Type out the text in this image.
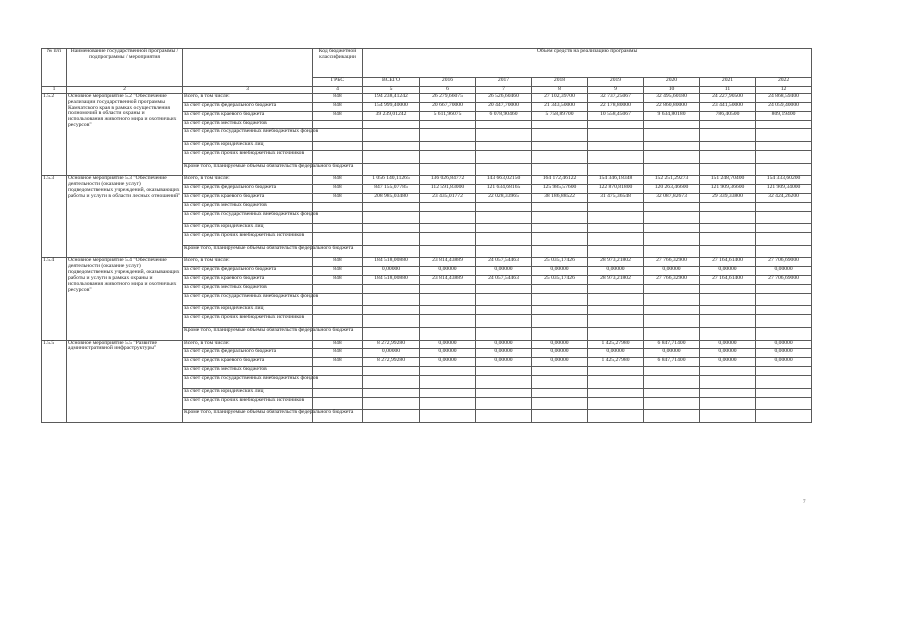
№ п/п	Наименование государственной программы / подпрограммы / мероприятия		Код бюджетной классификации	Объем средств на реализацию программы							
			ГРБС	ВСЕГО	2016	2017	2018	2019	2020	2021	2022
1	2	3	4	5	6	7	8	9	10	11	12
1.5.2	Основное мероприятие 5.2 "Обеспечение реализации государственной программы Камчатского края в рамках осуществления полномочий в области охраны и использования животного мира и охотничьих ресурсов"	Всего, в том числе:	848	194 238,41242	26 279,66075	26 526,60460	27 102,39700	32 737,25067	32 495,60180	24 227,90500	24 868,59400
		за счет средств федерального бюджета	848	154 999,40000	20 667,70000	20 447,70000	21 343,50000	22 178,80000	22 860,80000	23 441,50000	24 059,40000
		за счет средств краевого бюджета	848	39 239,01242	5 611,96075	6 078,90460	5 758,89700	10 558,45067	9 634,80180	786,40500	809,19400
		за счет средств местных бюджетов									
		за счет средств государственных внебюджетных фондов									
		за счет средств юридических лиц									
		за счет средств прочих внебюджетных источников									
		Кроме того, планируемые объемы обязательств федерального бюджета									
1.5.3	Основное мероприятие 5.3 "Обеспечение деятельности (оказание услуг) подведомственных учреждений, оказывающих работы и услуги в области лесных отношений"	Всего, в том числе:	848	1 056 140,11265	136 026,84772	143 663,02150	164 172,46122	154 346,18348	152 251,29273	151 248,70400	154 333,60200
		за счет средств федерального бюджета	848	847 155,07785	112 591,83000	121 634,68165	125 985,57600	122 870,81800	120 263,46600	121 909,36600	121 909,34000
		за счет средств краевого бюджета	848	208 985,03480	23 435,01772	22 028,33965	38 186,88522	31 475,36548	32 087,82673	29 339,33800	32 424,26200
		за счет средств местных бюджетов									
		за счет средств государственных внебюджетных фондов									
		за счет средств юридических лиц									
		за счет средств прочих внебюджетных источников									
		Кроме того, планируемые объемы обязательств федерального бюджета									
1.5.4	Основное мероприятие 5.4 "Обеспечение деятельности (оказание услуг) подведомственных учреждений, оказывающих работы и услуги в рамках охраны и использования животного мира и охотничьих ресурсов"	Всего, в том числе:	848	184 518,00880	23 814,43889	24 057,54463	25 035,17426	28 973,21802	27 766,32900	27 164,61400	27 706,69000
		за счет средств федерального бюджета	848	0,00000	0,00000	0,00000	0,00000	0,00000	0,00000	0,00000	0,00000
		за счет средств краевого бюджета	848	184 518,00880	23 814,43889	24 057,54463	25 035,17426	28 973,21802	27 766,32900	27 164,61400	27 706,69000
		за счет средств местных бюджетов									
		за счет средств государственных внебюджетных фондов									
		за счет средств юридических лиц									
		за счет средств прочих внебюджетных источников									
		Кроме того, планируемые объемы обязательств федерального бюджета									
1.5.5	Основное мероприятие 5.5 "Развитие административной инфраструктуры"	Всего, в том числе:	848	8 272,99280	0,00000	0,00000	0,00000	1 425,27980	6 847,71400	0,00000	0,00000
		за счет средств федерального бюджета	848	0,00000	0,00000	0,00000	0,00000	0,00000	0,00000	0,00000	0,00000
		за счет средств краевого бюджета	848	8 272,99280	0,00000	0,00000	0,00000	1 425,27980	6 847,71400	0,00000	0,00000
		за счет средств местных бюджетов									
		за счет средств государственных внебюджетных фондов									
		за счет средств юридических лиц									
		за счет средств прочих внебюджетных источников									
		Кроме того, планируемые объемы обязательств федерального бюджета									
7
